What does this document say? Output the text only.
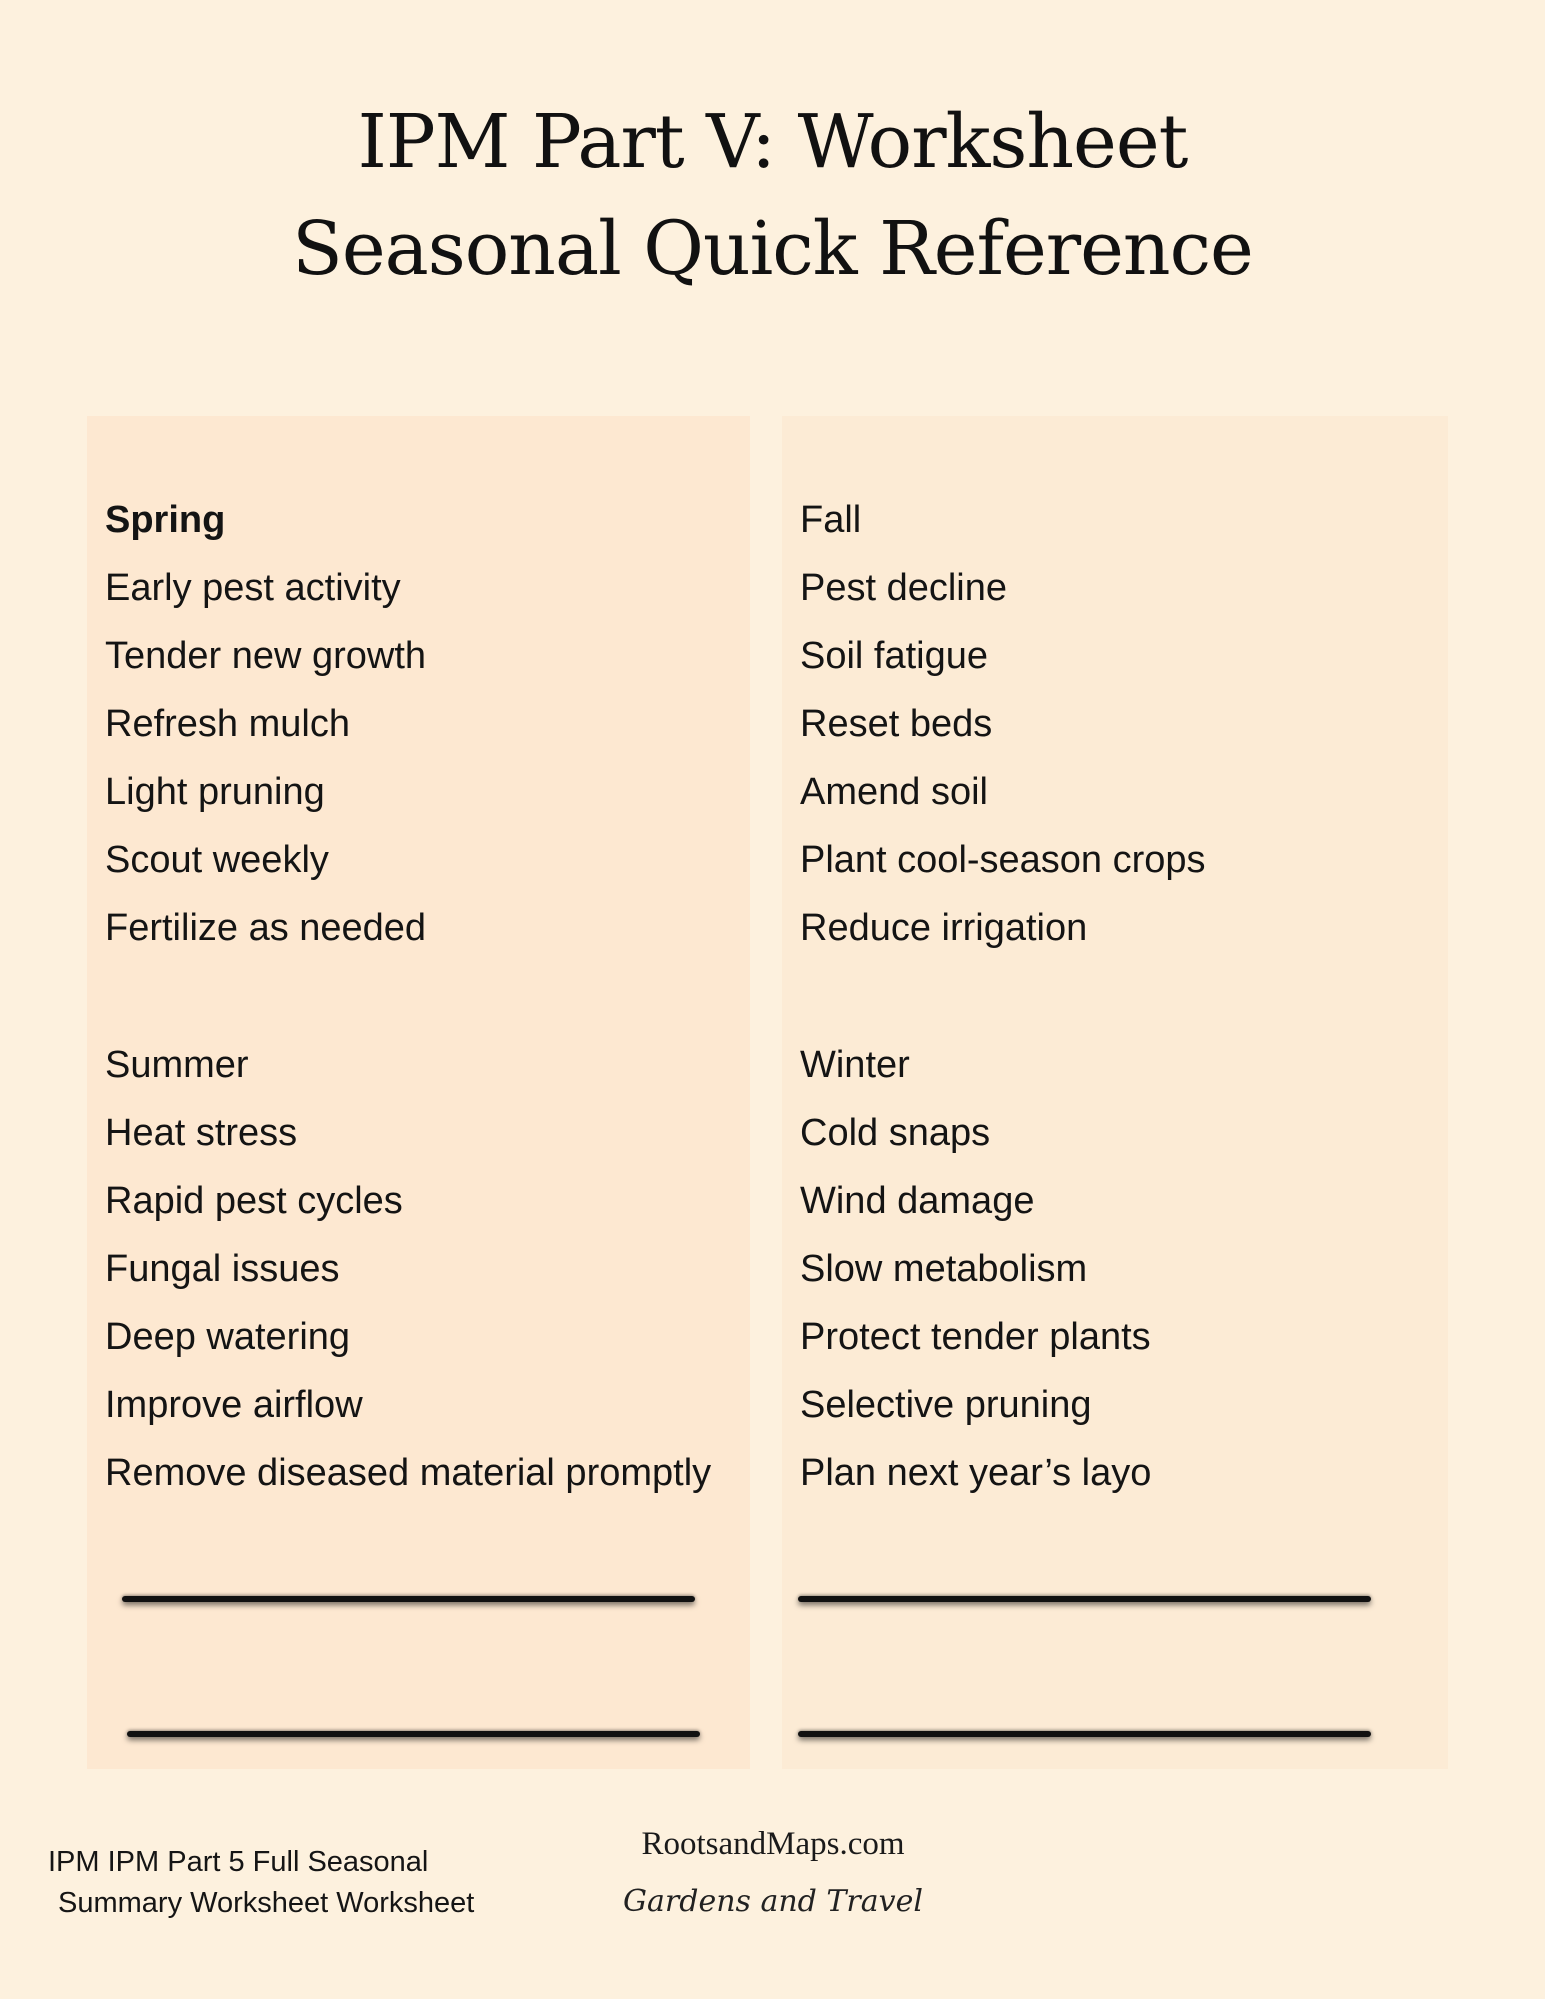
IPM Part V: Worksheet
Seasonal Quick Reference
Spring
Early pest activity
Tender new growth
Refresh mulch
Light pruning
Scout weekly
Fertilize as needed
Summer
Heat stress
Rapid pest cycles
Fungal issues
Deep watering
Improve airflow
Remove diseased material promptly
Fall
Pest decline
Soil fatigue
Reset beds
Amend soil
Plant cool-season crops
Reduce irrigation
Winter
Cold snaps
Wind damage
Slow metabolism
Protect tender plants
Selective pruning
Plan next year’s layo
IPM IPM Part 5 Full Seasonal
Summary Worksheet Worksheet
RootsandMaps.com
Gardens and Travel
